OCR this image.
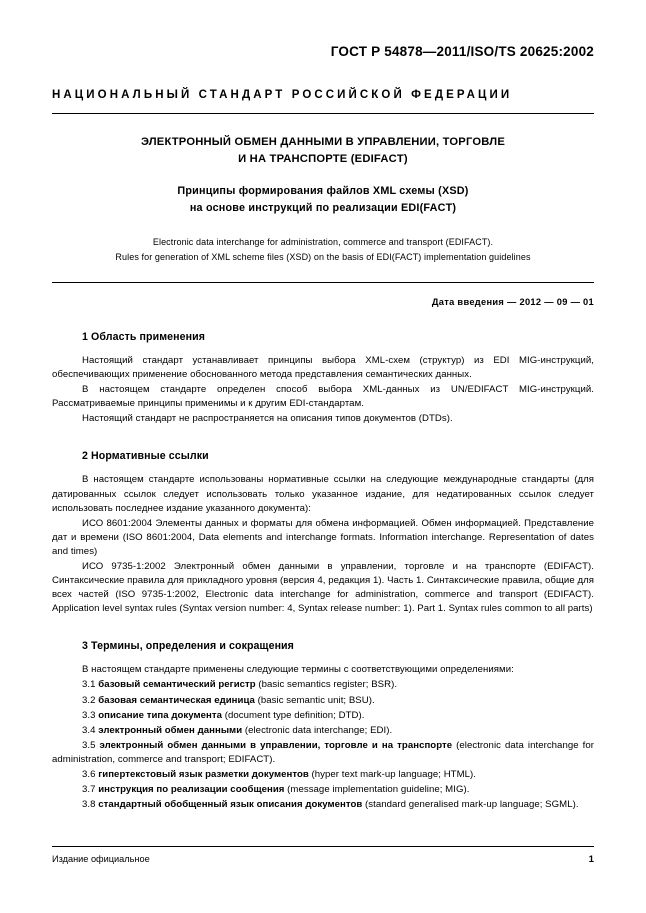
ГОСТ Р 54878—2011/ISO/TS 20625:2002
НАЦИОНАЛЬНЫЙ СТАНДАРТ РОССИЙСКОЙ ФЕДЕРАЦИИ
ЭЛЕКТРОННЫЙ ОБМЕН ДАННЫМИ В УПРАВЛЕНИИ, ТОРГОВЛЕ
И НА ТРАНСПОРТЕ (EDIFACT)
Принципы формирования файлов XML схемы (XSD)
на основе инструкций по реализации EDI(FACT)
Electronic data interchange for administration, commerce and transport (EDIFACT).
Rules for generation of XML scheme files (XSD) on the basis of EDI(FACT) implementation guidelines
Дата введения — 2012 — 09 — 01
1 Область применения

Настоящий стандарт устанавливает принципы выбора XML-схем (структур) из EDI MIG-инструкций, обеспечивающих применение обоснованного метода представления семантических данных.

В настоящем стандарте определен способ выбора XML-данных из UN/EDIFACT MIG-инструкций. Рассматриваемые принципы применимы и к другим EDI-стандартам.

Настоящий стандарт не распространяется на описания типов документов (DTDs).

2 Нормативные ссылки

В настоящем стандарте использованы нормативные ссылки на следующие международные стандарты (для датированных ссылок следует использовать только указанное издание, для недатированных ссылок следует использовать последнее издание указанного документа):

ИСО 8601:2004 Элементы данных и форматы для обмена информацией. Обмен информацией. Представление дат и времени (ISO 8601:2004, Data elements and interchange formats. Information interchange. Representation of dates and times)

ИСО 9735-1:2002 Электронный обмен данными в управлении, торговле и на транспорте (EDIFACT). Синтаксические правила для прикладного уровня (версия 4, редакция 1). Часть 1. Синтаксические правила, общие для всех частей (ISO 9735-1:2002, Electronic data interchange for administration, commerce and transport (EDIFACT). Application level syntax rules (Syntax version number: 4, Syntax release number: 1). Part 1. Syntax rules common to all parts)

3 Термины, определения и сокращения

В настоящем стандарте применены следующие термины с соответствующими определениями:

3.1 базовый семантический регистр (basic semantics register; BSR).

3.2 базовая семантическая единица (basic semantic unit; BSU).

3.3 описание типа документа (document type definition; DTD).

3.4 электронный обмен данными (electronic data interchange; EDI).

3.5 электронный обмен данными в управлении, торговле и на транспорте (electronic data interchange for administration, commerce and transport; EDIFACT).

3.6 гипертекстовый язык разметки документов (hyper text mark-up language; HTML).

3.7 инструкция по реализации сообщения (message implementation guideline; MIG).

3.8 стандартный обобщенный язык описания документов (standard generalised mark-up language; SGML).

Издание официальное	1
